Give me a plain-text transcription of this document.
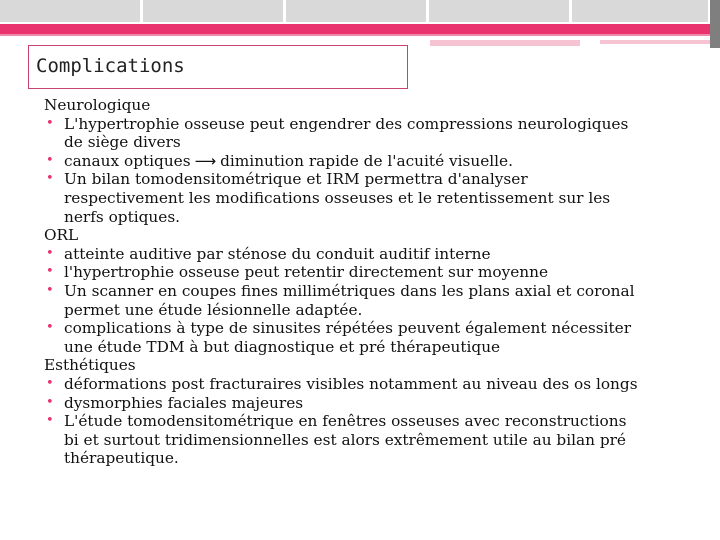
Complications

Neurologique

• L'hypertrophie osseuse peut engendrer des compressions neurologiques de siège divers
• canaux optiques ⟶ diminution rapide de l'acuité visuelle.
• Un bilan tomodensitométrique et IRM permettra d'analyser respectivement les modifications osseuses et le retentissement sur les nerfs optiques.

ORL

• atteinte auditive par sténose du conduit auditif interne
• l'hypertrophie osseuse peut retentir directement sur moyenne
• Un scanner en coupes fines millimétriques dans les plans axial et coronal permet une étude lésionnelle adaptée.
• complications à type de sinusites répétées peuvent également nécessiter une étude TDM à but diagnostique et pré thérapeutique

Esthétiques

• déformations post fracturaires visibles notamment au niveau des os longs
• dysmorphies faciales majeures
• L'étude tomodensitométrique en fenêtres osseuses avec reconstructions bi et surtout tridimensionnelles est alors extrêmement utile au bilan pré thérapeutique.
